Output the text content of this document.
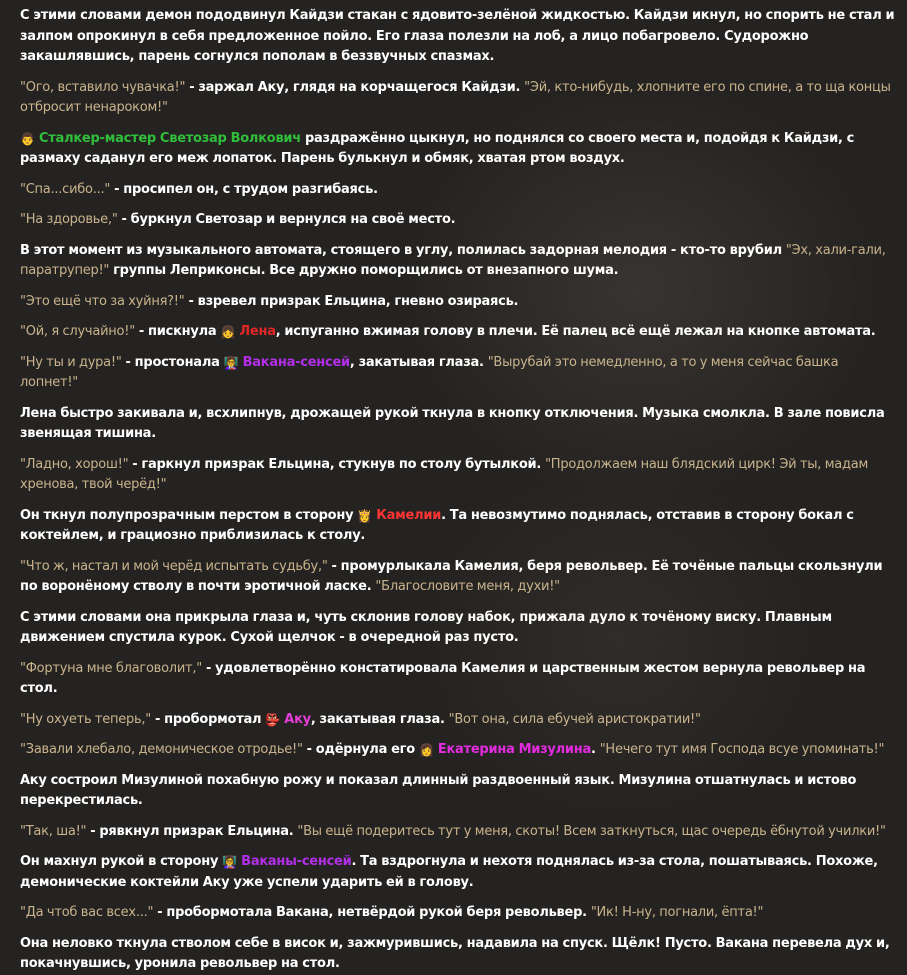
С этими словами демон пододвинул Кайдзи стакан с ядовито-зелёной жидкостью. Кайдзи икнул, но спорить не стал и залпом опрокинул в себя предложенное пойло. Его глаза полезли на лоб, а лицо побагровело. Судорожно закашлявшись, парень согнулся пополам в беззвучных спазмах.

"Ого, вставило чувачка!" - заржал Аку, глядя на корчащегося Кайдзи. "Эй, кто-нибудь, хлопните его по спине, а то ща концы отбросит ненароком!"

👨 Сталкер-мастер Светозар Волкович раздражённо цыкнул, но поднялся со своего места и, подойдя к Кайдзи, с размаху саданул его меж лопаток. Парень булькнул и обмяк, хватая ртом воздух.

"Спа...сибо..." - просипел он, с трудом разгибаясь.

"На здоровье," - буркнул Светозар и вернулся на своё место.

В этот момент из музыкального автомата, стоящего в углу, полилась задорная мелодия - кто-то врубил "Эх, хали-гали, паратрупер!" группы Леприконсы. Все дружно поморщились от внезапного шума.

"Это ещё что за хуйня?!" - взревел призрак Ельцина, гневно озираясь.

"Ой, я случайно!" - пискнула 👧 Лена, испуганно вжимая голову в плечи. Её палец всё ещё лежал на кнопке автомата.

"Ну ты и дура!" - простонала 👩‍🏫 Вакана-сенсей, закатывая глаза. "Вырубай это немедленно, а то у меня сейчас башка лопнет!"

Лена быстро закивала и, всхлипнув, дрожащей рукой ткнула в кнопку отключения. Музыка смолкла. В зале повисла звенящая тишина.

"Ладно, хорош!" - гаркнул призрак Ельцина, стукнув по столу бутылкой. "Продолжаем наш блядский цирк! Эй ты, мадам хренова, твой черёд!"

Он ткнул полупрозрачным перстом в сторону 👸 Камелии. Та невозмутимо поднялась, отставив в сторону бокал с коктейлем, и грациозно приблизилась к столу.

"Что ж, настал и мой черёд испытать судьбу," - промурлыкала Камелия, беря револьвер. Её точёные пальцы скользнули по воронёному стволу в почти эротичной ласке. "Благословите меня, духи!"

С этими словами она прикрыла глаза и, чуть склонив голову набок, прижала дуло к точёному виску. Плавным движением спустила курок. Сухой щелчок - в очередной раз пусто.

"Фортуна мне благоволит," - удовлетворённо констатировала Камелия и царственным жестом вернула револьвер на стол.

"Ну охуеть теперь," - пробормотал 👺 Аку, закатывая глаза. "Вот она, сила ебучей аристократии!"

"Завали хлебало, демоническое отродье!" - одёрнула его 👩 Екатерина Мизулина. "Нечего тут имя Господа всуе упоминать!"

Аку состроил Мизулиной похабную рожу и показал длинный раздвоенный язык. Мизулина отшатнулась и истово перекрестилась.

"Так, ша!" - рявкнул призрак Ельцина. "Вы ещё подеритесь тут у меня, скоты! Всем заткнуться, щас очередь ёбнутой училки!"

Он махнул рукой в сторону 👩‍🏫 Ваканы-сенсей. Та вздрогнула и нехотя поднялась из-за стола, пошатываясь. Похоже, демонические коктейли Аку уже успели ударить ей в голову.

"Да чтоб вас всех..." - пробормотала Вакана, нетвёрдой рукой беря револьвер. "Ик! Н-ну, погнали, ёпта!"

Она неловко ткнула стволом себе в висок и, зажмурившись, надавила на спуск. Щёлк! Пусто. Вакана перевела дух и, покачнувшись, уронила револьвер на стол.
